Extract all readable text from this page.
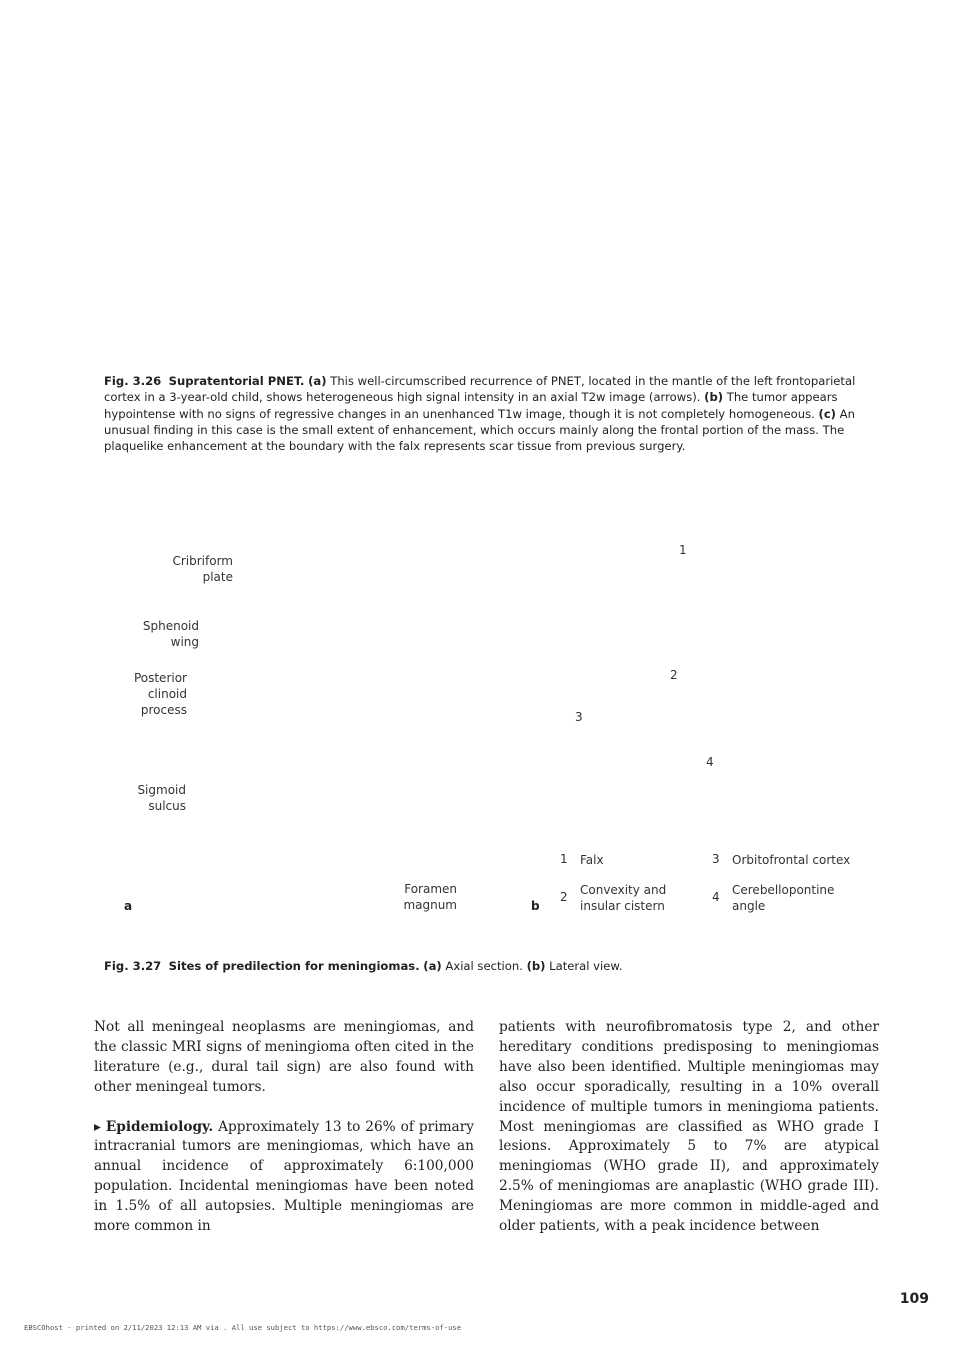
Fig. 3.26 Supratentorial PNET. (a) This well-circumscribed recurrence of PNET, located in the mantle of the left frontoparietal cortex in a 3-year-old child, shows heterogeneous high signal intensity in an axial T2w image (arrows). (b) The tumor appears hypointense with no signs of regressive changes in an unenhanced T1w image, though it is not completely homogeneous. (c) An unusual finding in this case is the small extent of enhancement, which occurs mainly along the frontal portion of the mass. The plaquelike enhancement at the boundary with the falx represents scar tissue from previous surgery.
Cribriform
plate
Sphenoid
wing
Posterior
clinoid
process
Sigmoid
sulcus
Foramen
magnum
a
1
2
3
4
1 Falx
2 Convexity and
insular cistern
3 Orbitofrontal cortex
4 Cerebellopontine
angle
b
Fig. 3.27 Sites of predilection for meningiomas. (a) Axial section. (b) Lateral view.

Not all meningeal neoplasms are meningiomas, and the classic MRI signs of meningioma often cited in the literature (e.g., dural tail sign) are also found with other meningeal tumors.

▸ Epidemiology. Approximately 13 to 26% of primary intracranial tumors are meningiomas, which have an annual incidence of approximately 6:100,000 population. Incidental meningiomas have been noted in 1.5% of all autopsies. Multiple meningiomas are more common in

patients with neurofibromatosis type 2, and other hereditary conditions predisposing to meningiomas have also been identified. Multiple meningiomas may also occur sporadically, resulting in a 10% overall incidence of multiple tumors in meningioma patients. Most meningiomas are classified as WHO grade I lesions. Approximately 5 to 7% are atypical meningiomas (WHO grade II), and approximately 2.5% of meningiomas are anaplastic (WHO grade III). Meningiomas are more common in middle-aged and older patients, with a peak incidence between

109
EBSCOhost - printed on 2/11/2023 12:13 AM via . All use subject to https://www.ebsco.com/terms-of-use
